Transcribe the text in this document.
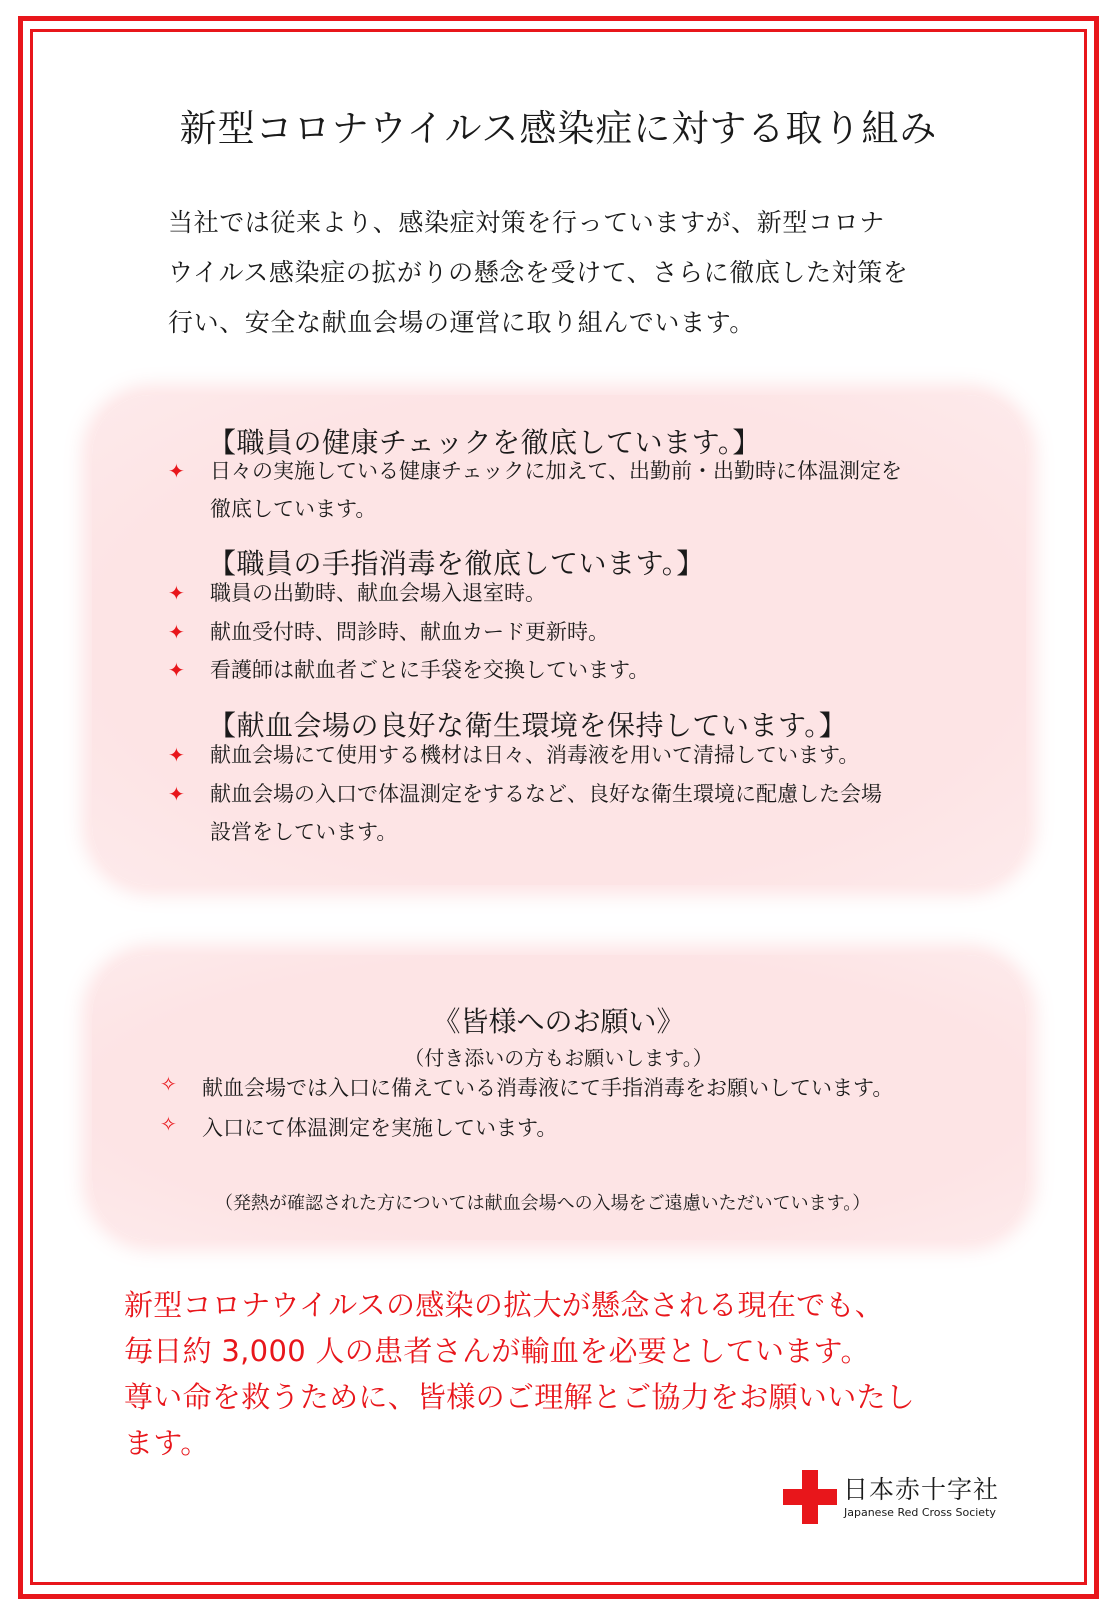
新型コロナウイルス感染症に対する取り組み
当社では従来より、感染症対策を行っていますが、新型コロナ
ウイルス感染症の拡がりの懸念を受けて、さらに徹底した対策を
行い、安全な献血会場の運営に取り組んでいます。
【職員の健康チェックを徹底しています。】
✦ 日々の実施している健康チェックに加えて、出勤前・出勤時に体温測定を
徹底しています。
【職員の手指消毒を徹底しています。】
✦ 職員の出勤時、献血会場入退室時。
✦ 献血受付時、問診時、献血カード更新時。
✦ 看護師は献血者ごとに手袋を交換しています。
【献血会場の良好な衛生環境を保持しています。】
✦ 献血会場にて使用する機材は日々、消毒液を用いて清掃しています。
✦ 献血会場の入口で体温測定をするなど、良好な衛生環境に配慮した会場
設営をしています。
《皆様へのお願い》
（付き添いの方もお願いします。）
✧ 献血会場では入口に備えている消毒液にて手指消毒をお願いしています。
✧ 入口にて体温測定を実施しています。
（発熱が確認された方については献血会場への入場をご遠慮いただいています。）
新型コロナウイルスの感染の拡大が懸念される現在でも、
毎日約 3,000 人の患者さんが輸血を必要としています。
尊い命を救うために、皆様のご理解とご協力をお願いいたし
ます。
日本赤十字社
Japanese Red Cross Society
